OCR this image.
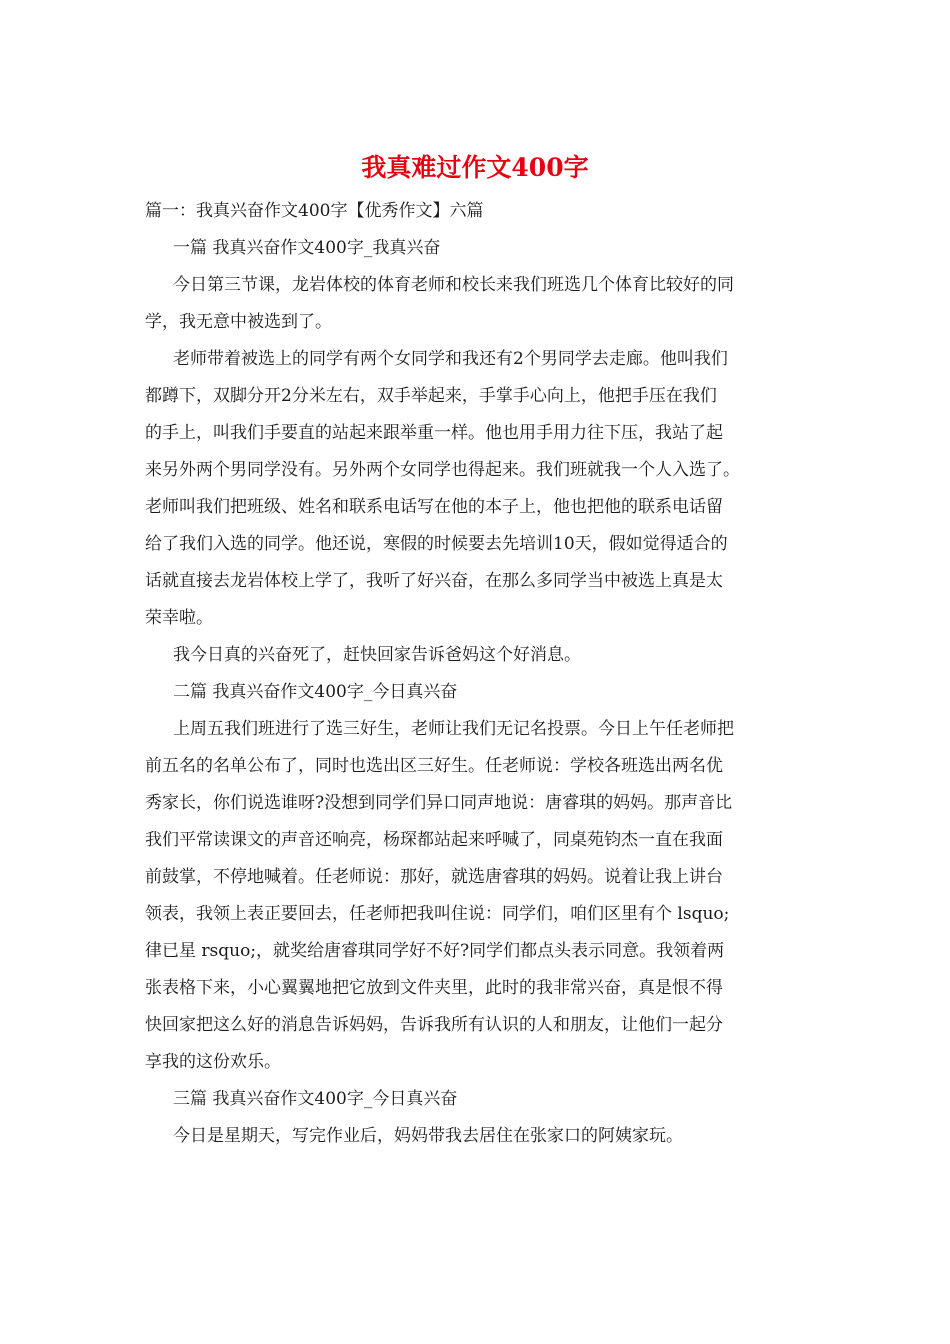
我真难过作文400字
篇一：我真兴奋作文400字【优秀作文】六篇
一篇 我真兴奋作文400字_我真兴奋
今日第三节课，龙岩体校的体育老师和校长来我们班选几个体育比较好的同
学，我无意中被选到了。
老师带着被选上的同学有两个女同学和我还有2个男同学去走廊。他叫我们
都蹲下，双脚分开2分米左右，双手举起来，手掌手心向上，他把手压在我们
的手上，叫我们手要直的站起来跟举重一样。他也用手用力往下压，我站了起
来另外两个男同学没有。另外两个女同学也得起来。我们班就我一个人入选了。
老师叫我们把班级、姓名和联系电话写在他的本子上，他也把他的联系电话留
给了我们入选的同学。他还说，寒假的时候要去先培训10天，假如觉得适合的
话就直接去龙岩体校上学了，我听了好兴奋，在那么多同学当中被选上真是太
荣幸啦。
我今日真的兴奋死了，赶快回家告诉爸妈这个好消息。
二篇 我真兴奋作文400字_今日真兴奋
上周五我们班进行了选三好生，老师让我们无记名投票。今日上午任老师把
前五名的名单公布了，同时也选出区三好生。任老师说：学校各班选出两名优
秀家长，你们说选谁呀?没想到同学们异口同声地说：唐睿琪的妈妈。那声音比
我们平常读课文的声音还响亮，杨琛都站起来呼喊了，同桌苑钧杰一直在我面
前鼓掌，不停地喊着。任老师说：那好，就选唐睿琪的妈妈。说着让我上讲台
领表，我领上表正要回去，任老师把我叫住说：同学们，咱们区里有个 lsquo;
律已星 rsquo;，就奖给唐睿琪同学好不好?同学们都点头表示同意。我领着两
张表格下来，小心翼翼地把它放到文件夹里，此时的我非常兴奋，真是恨不得
快回家把这么好的消息告诉妈妈，告诉我所有认识的人和朋友，让他们一起分
享我的这份欢乐。
三篇 我真兴奋作文400字_今日真兴奋
今日是星期天，写完作业后，妈妈带我去居住在张家口的阿姨家玩。
